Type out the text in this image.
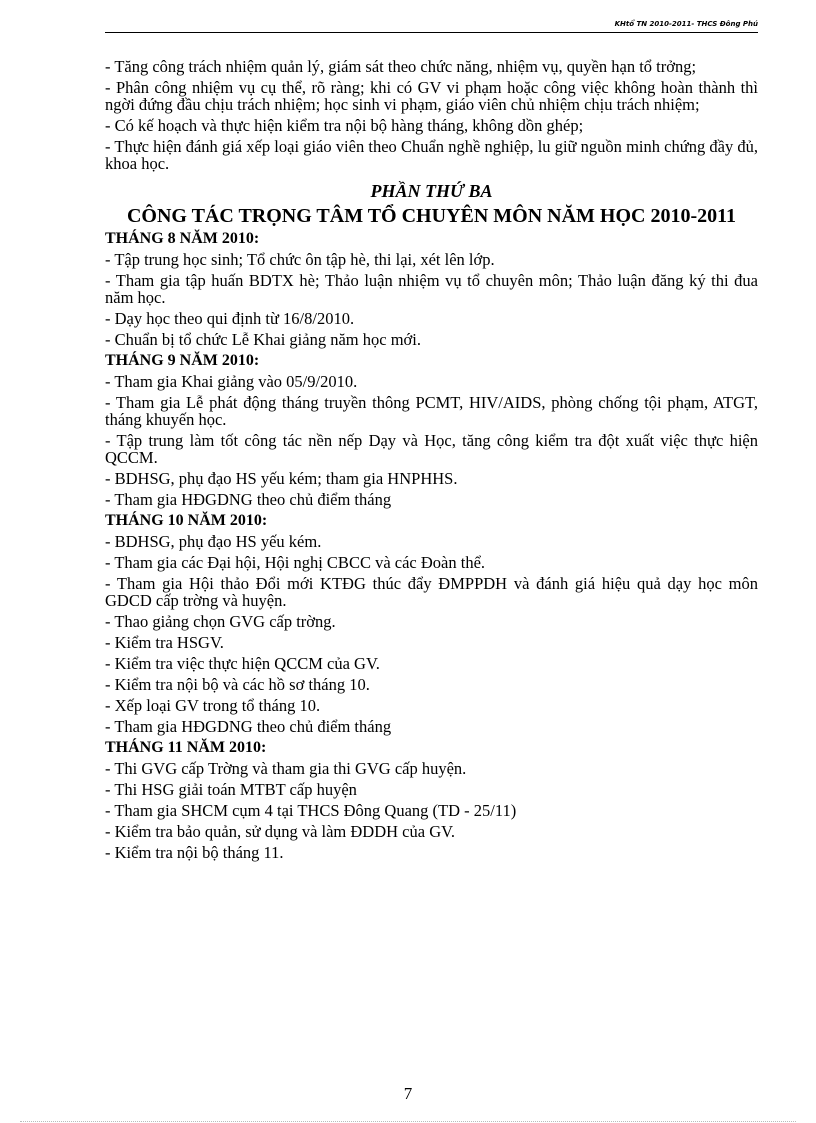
KHtổ TN 2010-2011- THCS Đông Phú

- Tăng công trách nhiệm quản lý, giám sát theo chức năng, nhiệm vụ, quyền hạn tổ trởng;

- Phân công nhiệm vụ cụ thể, rõ ràng; khi có GV vi phạm hoặc công việc không hoàn thành thì ngời đứng đầu chịu trách nhiệm; học sinh vi phạm, giáo viên chủ nhiệm chịu trách nhiệm;

- Có kế hoạch và thực hiện kiểm tra nội bộ hàng tháng, không dồn ghép;

- Thực hiện đánh giá xếp loại giáo viên theo Chuẩn nghề nghiệp, lu giữ nguồn minh chứng đầy đủ, khoa học.

PHẦN THỨ BA
CÔNG TÁC TRỌNG TÂM TỔ CHUYÊN MÔN NĂM HỌC 2010-2011
THÁNG 8 NĂM 2010:

- Tập trung học sinh; Tổ chức ôn tập hè, thi lại, xét lên lớp.

- Tham gia tập huấn BDTX hè; Thảo luận nhiệm vụ tổ chuyên môn; Thảo luận đăng ký thi đua năm học.

- Dạy học theo qui định từ 16/8/2010.

- Chuẩn bị tổ chức Lễ Khai giảng năm học mới.

THÁNG 9 NĂM 2010:

- Tham gia Khai giảng vào 05/9/2010.

- Tham gia Lễ phát động tháng truyền thông PCMT, HIV/AIDS, phòng chống tội phạm, ATGT, tháng khuyến học.

- Tập trung làm tốt công tác nền nếp Dạy và Học, tăng công kiểm tra đột xuất việc thực hiện QCCM.

- BDHSG, phụ đạo HS yếu kém; tham gia HNPHHS.

- Tham gia HĐGDNG theo chủ điểm tháng

THÁNG 10 NĂM 2010:

- BDHSG, phụ đạo HS yếu kém.

- Tham gia các Đại hội, Hội nghị CBCC và các Đoàn thể.

- Tham gia Hội thảo Đổi mới KTĐG thúc đẩy ĐMPPDH và đánh giá hiệu quả dạy học môn GDCD cấp trờng và huyện.

- Thao giảng chọn GVG cấp trờng.

- Kiểm tra HSGV.

- Kiểm tra việc thực hiện QCCM của GV.

- Kiểm tra nội bộ và các hồ sơ tháng 10.

- Xếp loại GV trong tổ tháng 10.

- Tham gia HĐGDNG theo chủ điểm tháng

THÁNG 11 NĂM 2010:

- Thi GVG cấp Trờng và tham gia thi GVG cấp huyện.

- Thi HSG giải toán MTBT cấp huyện

- Tham gia SHCM cụm 4 tại THCS Đông Quang (TD - 25/11)

- Kiểm tra bảo quản, sử dụng và làm ĐDDH của GV.

- Kiểm tra nội bộ tháng 11.

7
